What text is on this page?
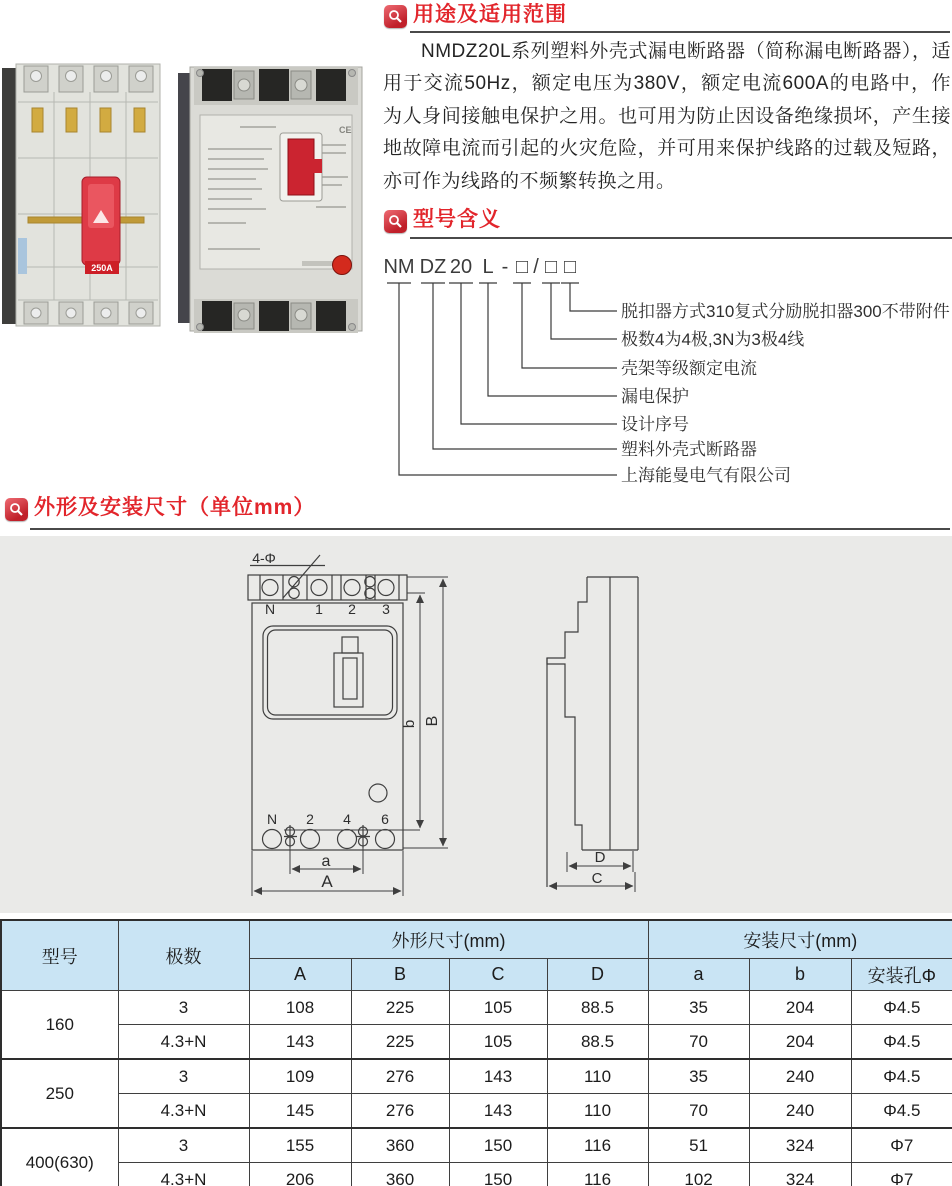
250A
CE
用途及适用范围

NMDZ20L系列塑料外壳式漏电断路器（简称漏电断路器），适用于交流50Hz，额定电压为380V，额定电流600A的电路中，作为人身间接触电保护之用。也可用为防止因设备绝缘损坏，产生接地故障电流而引起的火灾危险，并可用来保护线路的过载及短路，亦可作为线路的不频繁转换之用。

型号含义
NM DZ 20 L - □ / □ □
脱扣器方式310复式分励脱扣器300不带附件
极数4为4极,3N为3极4线
壳架等级额定电流
漏电保护
设计序号
塑料外壳式断路器
上海能曼电气有限公司
外形及安装尺寸（单位mm）
4-Φ
N	1 2 3
N 2 4 6
a
A
b B
D
C
型号	极数	外形尺寸(mm)				安装尺寸(mm)		
		A	B	C	D	a	b	安装孔Φ
160	3	108	225	105	88.5	35	204	Φ4.5
	4.3+N	143	225	105	88.5	70	204	Φ4.5
250	3	109	276	143	110	35	240	Φ4.5
	4.3+N	145	276	143	110	70	240	Φ4.5
400(630)	3	155	360	150	116	51	324	Φ7
	4.3+N	206	360	150	116	102	324	Φ7
